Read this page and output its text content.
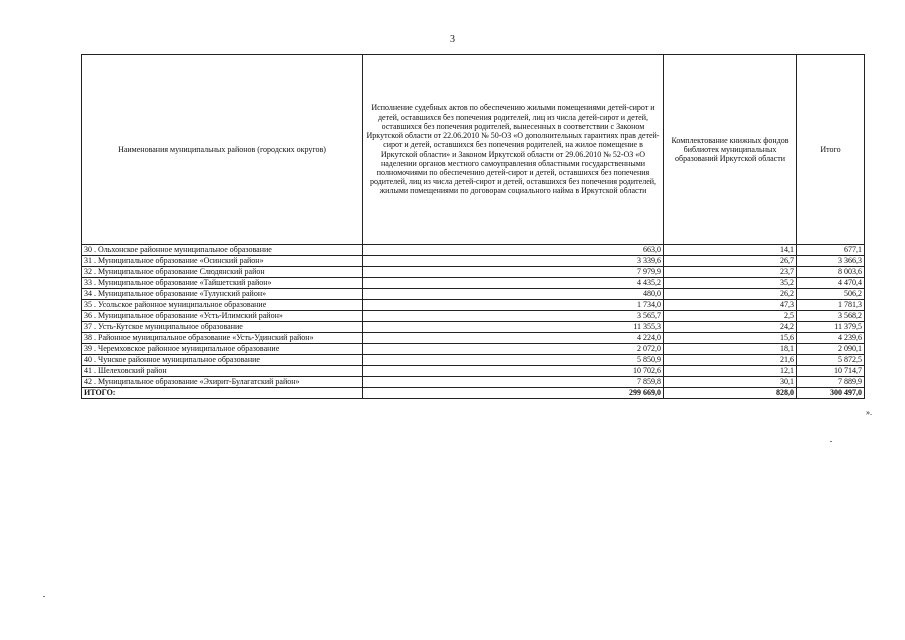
3
Наименования муниципальных районов (городских округов)	Исполнение судебных актов по обеспечению жилыми помещениями детей-сирот и детей, оставшихся без попечения родителей, лиц из числа детей-сирот и детей, оставшихся без попечения родителей, вынесенных в соответствии с Законом Иркутской области от 22.06.2010 № 50-ОЗ «О дополнительных гарантиях прав детей-сирот и детей, оставшихся без попечения родителей, на жилое помещение в Иркутской области» и Законом Иркутской области от 29.06.2010 № 52-ОЗ «О наделении органов местного самоуправления областными государственными полномочиями по обеспечению детей-сирот и детей, оставшихся без попечения родителей, лиц из числа детей-сирот и детей, оставшихся без попечения родителей, жилыми помещениями по договорам социального найма в Иркутской области	Комплектование книжных фондов библиотек муниципальных образований Иркутской области	Итого
30 . Ольхонское районное муниципальное образование	663,0	14,1	677,1
31 . Муниципальное образование «Осинский район»	3 339,6	26,7	3 366,3
32 . Муниципальное образование Слюдянский район	7 979,9	23,7	8 003,6
33 . Муниципальное образование «Тайшетский район»	4 435,2	35,2	4 470,4
34 . Муниципальное образование «Тулунский район»	480,0	26,2	506,2
35 . Усольское районное муниципальное образование	1 734,0	47,3	1 781,3
36 . Муниципальное образование «Усть-Илимский район»	3 565,7	2,5	3 568,2
37 . Усть-Кутское муниципальное образование	11 355,3	24,2	11 379,5
38 . Районное муниципальное образование «Усть-Удинский район»	4 224,0	15,6	4 239,6
39 . Черемховское районное муниципальное образование	2 072,0	18,1	2 090,1
40 . Чунское районное муниципальное образование	5 850,9	21,6	5 872,5
41 . Шелеховский район	10 702,6	12,1	10 714,7
42 . Муниципальное образование «Эхирит-Булагатский район»	7 859,8	30,1	7 889,9
ИТОГО:	299 669,0	828,0	300 497,0
».
